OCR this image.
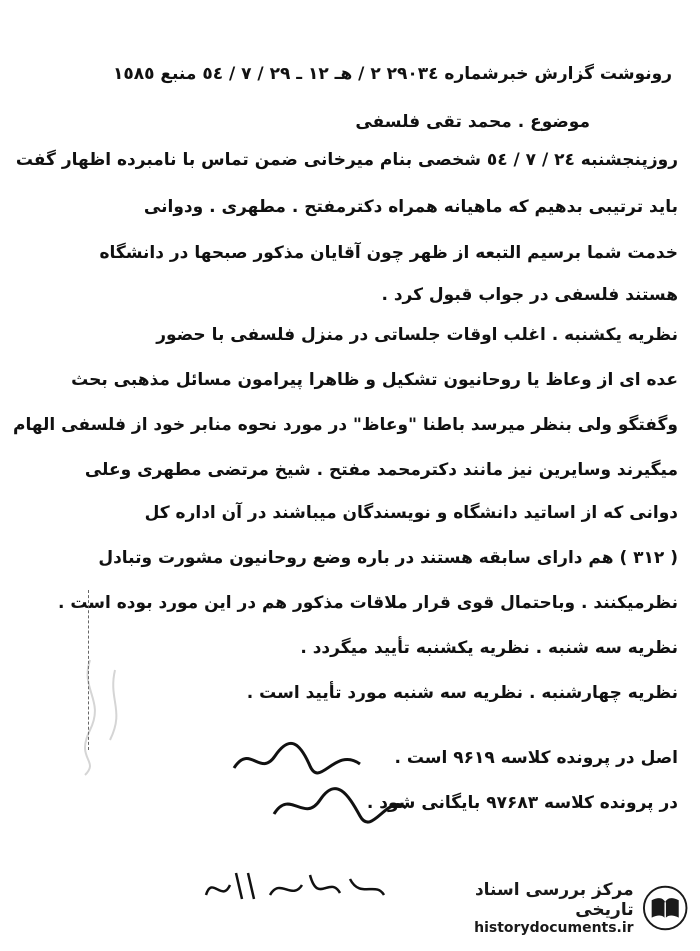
رونوشت گزارش خبرشماره ۲۹۰۳٤ ۲ / هـ ۱۲ ـ ۲۹ / ۷ / ٥٤ منبع ١٥٨٥
موضوع . محمد تقی فلسفی
روزپنجشنبه ۲٤ / ۷ / ٥٤ شخصی بنام میرخانی ضمن تماس با نامبرده اظهار گفت
باید ترتیبی بدهیم که ماهیانه همراه دکترمفتح . مطهری . ودوانی
خدمت شما برسیم التبعه از ظهر چون آقایان مذکور صبحها در دانشگاه
هستند فلسفی در جواب قبول کرد .
نظریه یکشنبه . اغلب اوقات جلساتی در منزل فلسفی با حضور
عده ای از وعاظ یا روحانیون تشکیل و ظاهرا پیرامون مسائل مذهبی بحث
وگفتگو ولی بنظر میرسد باطنا "وعاظ" در مورد نحوه منابر خود از فلسفی الهام
میگیرند وسایرین نیز مانند دکترمحمد مفتح . شیخ مرتضی مطهری وعلی
دوانی که از اساتید دانشگاه و نویسندگان میباشند در آن اداره کل
( ۳۱۲ ) هم دارای سابقه هستند در باره وضع روحانیون مشورت وتبادل
نظرمیکنند . وباحتمال قوی قرار ملاقات مذکور هم در این مورد بوده است .
نظریه سه شنبه . نظریه یکشنبه تأیید میگردد .
نظریه چهارشنبه . نظریه سه شنبه مورد تأیید است .
اصل در پرونده کلاسه ۹۶۱۹ است .
در پرونده کلاسه ۹۷۶۸۳ بایگانی شود .
مرکز بررسی اسناد تاریخی
historydocuments.ir
